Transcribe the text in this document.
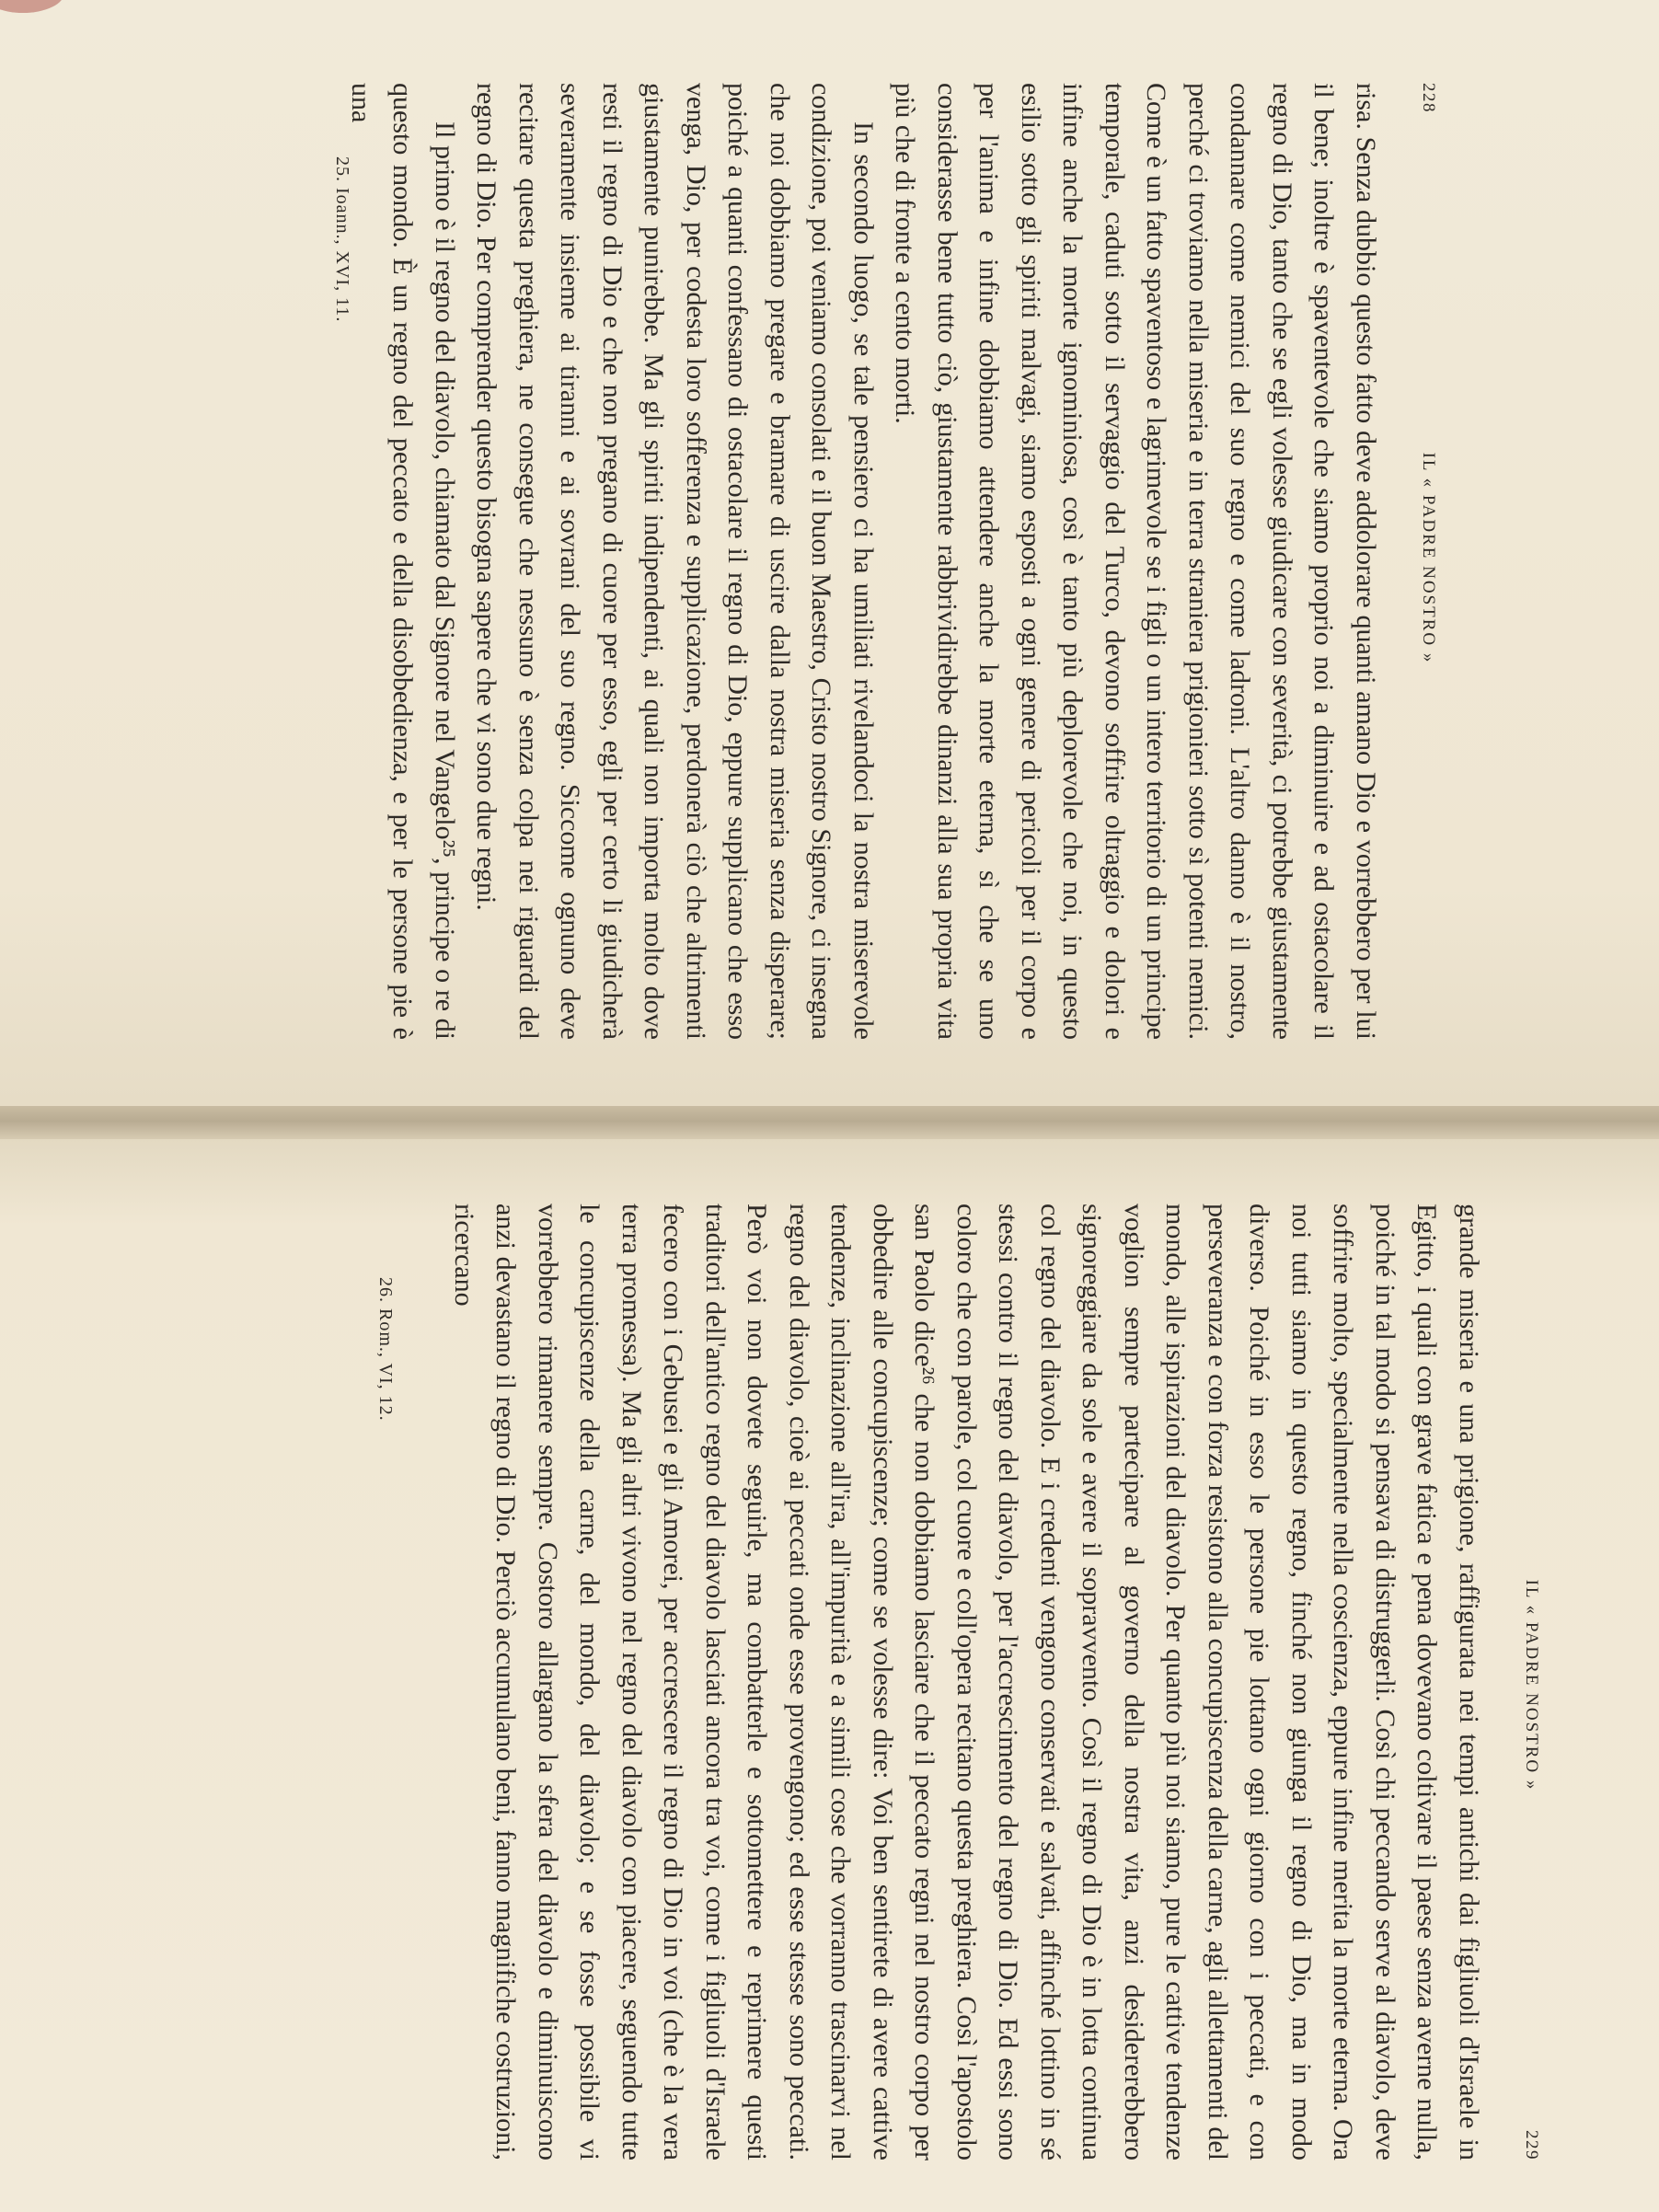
228
IL « PADRE NOSTRO »

risa. Senza dubbio questo fatto deve addolorare quanti amano Dio e vorrebbero per lui il bene; inoltre è spaventevole che siamo proprio noi a diminuire e ad ostacolare il regno di Dio, tanto che se egli volesse giudicare con severità, ci potrebbe giustamente condannare come nemici del suo regno e come ladroni. L'altro danno è il nostro, perché ci troviamo nella miseria e in terra straniera prigionieri sotto sì potenti nemici. Come è un fatto spaventoso e lagrimevole se i figli o un intero territorio di un principe temporale, caduti sotto il servaggio del Turco, devono soffrire oltraggio e dolori e infine anche la morte ignominiosa, così è tanto più deplorevole che noi, in questo esilio sotto gli spiriti malvagi, siamo esposti a ogni genere di pericoli per il corpo e per l'anima e infine dobbiamo attendere anche la morte eterna, sì che se uno considerasse bene tutto ciò, giustamente rabbrividirebbe dinanzi alla sua propria vita più che di fronte a cento morti.

In secondo luogo, se tale pensiero ci ha umiliati rivelandoci la nostra miserevole condizione, poi veniamo consolati e il buon Maestro, Cristo nostro Signore, ci insegna che noi dobbiamo pregare e bramare di uscire dalla nostra miseria senza disperare; poiché a quanti confessano di ostacolare il regno di Dio, eppure supplicano che esso venga, Dio, per codesta loro sofferenza e supplicazione, perdonerà ciò che altrimenti giustamente punirebbe. Ma gli spiriti indipendenti, ai quali non importa molto dove resti il regno di Dio e che non pregano di cuore per esso, egli per certo li giudicherà severamente insieme ai tiranni e ai sovrani del suo regno. Siccome ognuno deve recitare questa preghiera, ne consegue che nessuno è senza colpa nei riguardi del regno di Dio. Per comprender questo bisogna sapere che vi sono due regni.

Il primo è il regno del diavolo, chiamato dal Signore nel Vangelo²⁵, principe o re di questo mondo. È un regno del peccato e della disobbedienza, e per le persone pie è una

25. Ioann., XVI, 11.
IL « PADRE NOSTRO »
229

grande miseria e una prigione, raffigurata nei tempi antichi dai figliuoli d'Israele in Egitto, i quali con grave fatica e pena dovevano coltivare il paese senza averne nulla, poiché in tal modo si pensava di distruggerli. Così chi peccando serve al diavolo, deve soffrire molto, specialmente nella coscienza, eppure infine merita la morte eterna. Ora noi tutti siamo in questo regno, finché non giunga il regno di Dio, ma in modo diverso. Poiché in esso le persone pie lottano ogni giorno con i peccati, e con perseveranza e con forza resistono alla concupiscenza della carne, agli allettamenti del mondo, alle ispirazioni del diavolo. Per quanto più noi siamo, pure le cattive tendenze voglion sempre partecipare al governo della nostra vita, anzi desidererebbero signoreggiare da sole e avere il sopravvento. Così il regno di Dio è in lotta continua col regno del diavolo. E i credenti vengono conservati e salvati, affinché lottino in sé stessi contro il regno del diavolo, per l'accrescimento del regno di Dio. Ed essi sono coloro che con parole, col cuore e coll'opera recitano questa preghiera. Così l'apostolo san Paolo dice²⁶ che non dobbiamo lasciare che il peccato regni nel nostro corpo per obbedire alle concupiscenze; come se volesse dire: Voi ben sentirete di avere cattive tendenze, inclinazione all'ira, all'impurità e a simili cose che vorranno trascinarvi nel regno del diavolo, cioè ai peccati onde esse provengono; ed esse stesse sono peccati. Però voi non dovete seguirle, ma combatterle e sottomettere e reprimere questi traditori dell'antico regno del diavolo lasciati ancora tra voi, come i figliuoli d'Israele fecero con i Gebusei e gli Amorei, per accrescere il regno di Dio in voi (che è la vera terra promessa). Ma gli altri vivono nel regno del diavolo con piacere, seguendo tutte le concupiscenze della carne, del mondo, del diavolo; e se fosse possibile vi vorrebbero rimanere sempre. Costoro allargano la sfera del diavolo e diminuiscono anzi devastano il regno di Dio. Perciò accumulano beni, fanno magnifiche costruzioni, ricercano

26. Rom., VI, 12.
